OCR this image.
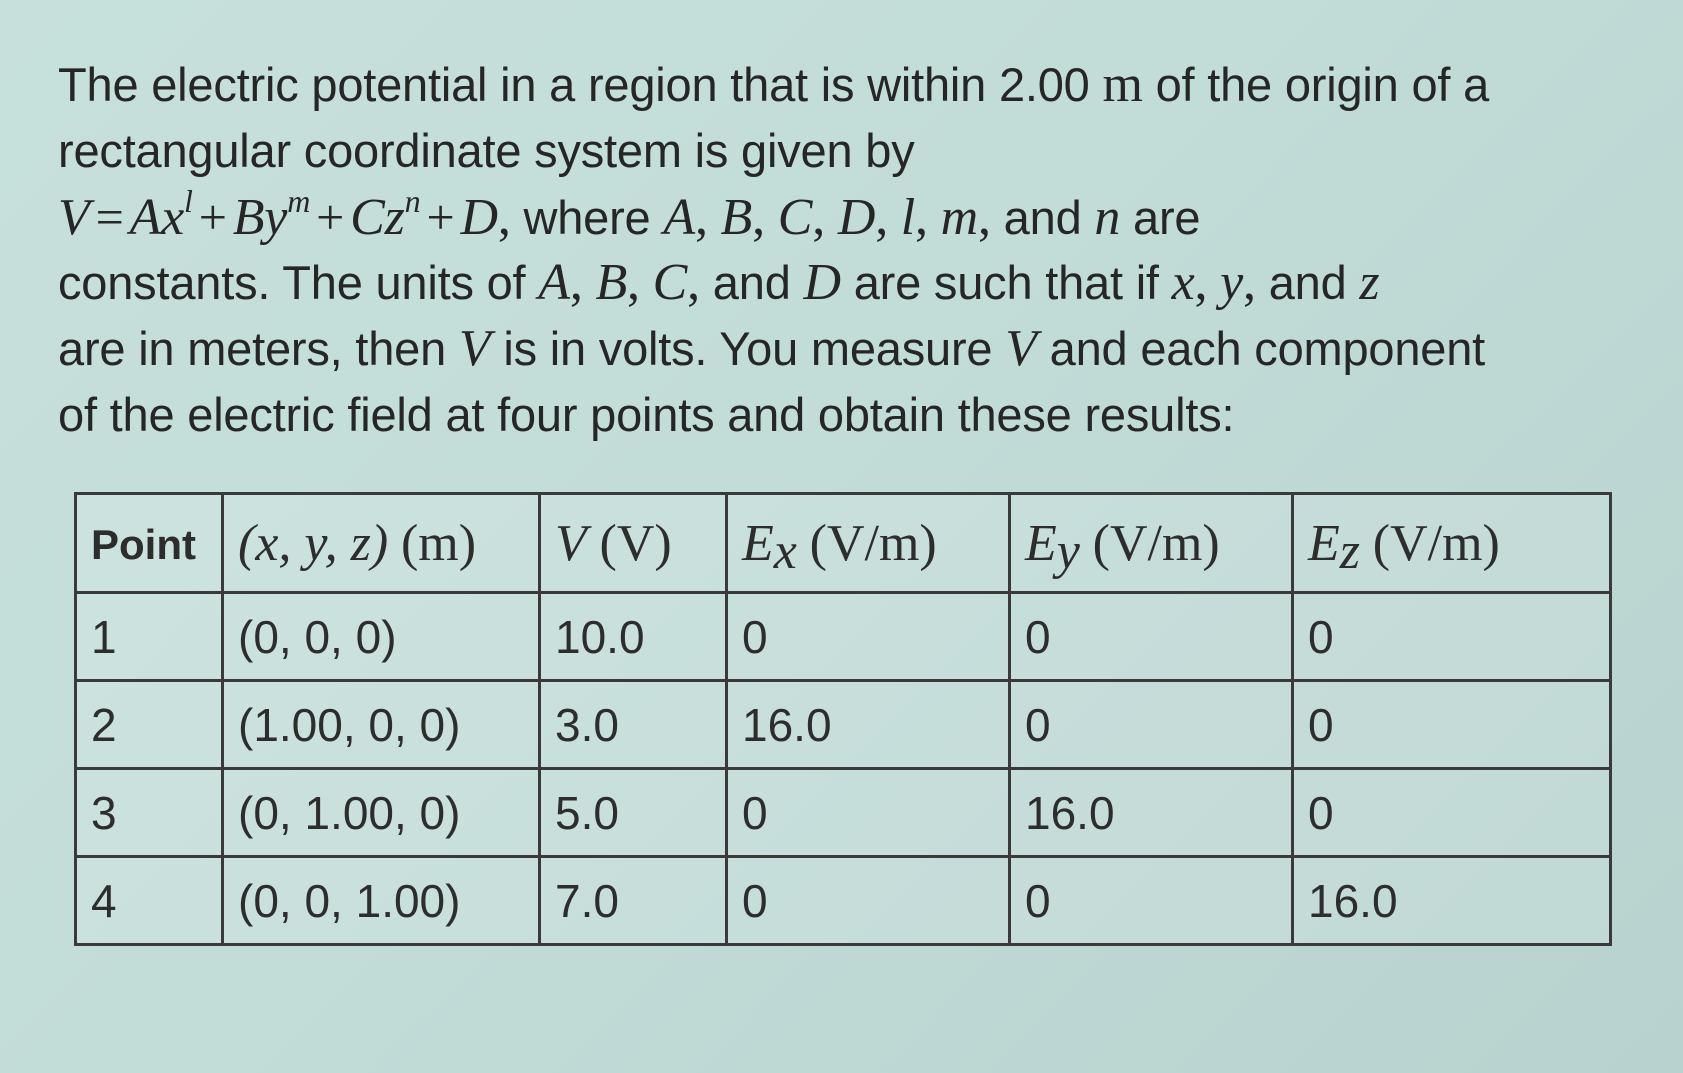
The electric potential in a region that is within 2.00 m of the origin of a
rectangular coordinate system is given by
$V = Ax^l + By^m + Cz^n + D$, where A, B, C, D, l, m, and n are
constants. The units of A, B, C, and D are such that if x, y, and z
are in meters, then V is in volts. You measure V and each component
of the electric field at four points and obtain these results:
Point	(x, y, z) (m)	V (V)	$E_x$ (V/m)	$E_y$ (V/m)	$E_z$ (V/m)
1	(0, 0, 0)	10.0	0	0	0
2	(1.00, 0, 0)	3.0	16.0	0	0
3	(0, 1.00, 0)	5.0	0	16.0	0
4	(0, 0, 1.00)	7.0	0	0	16.0
